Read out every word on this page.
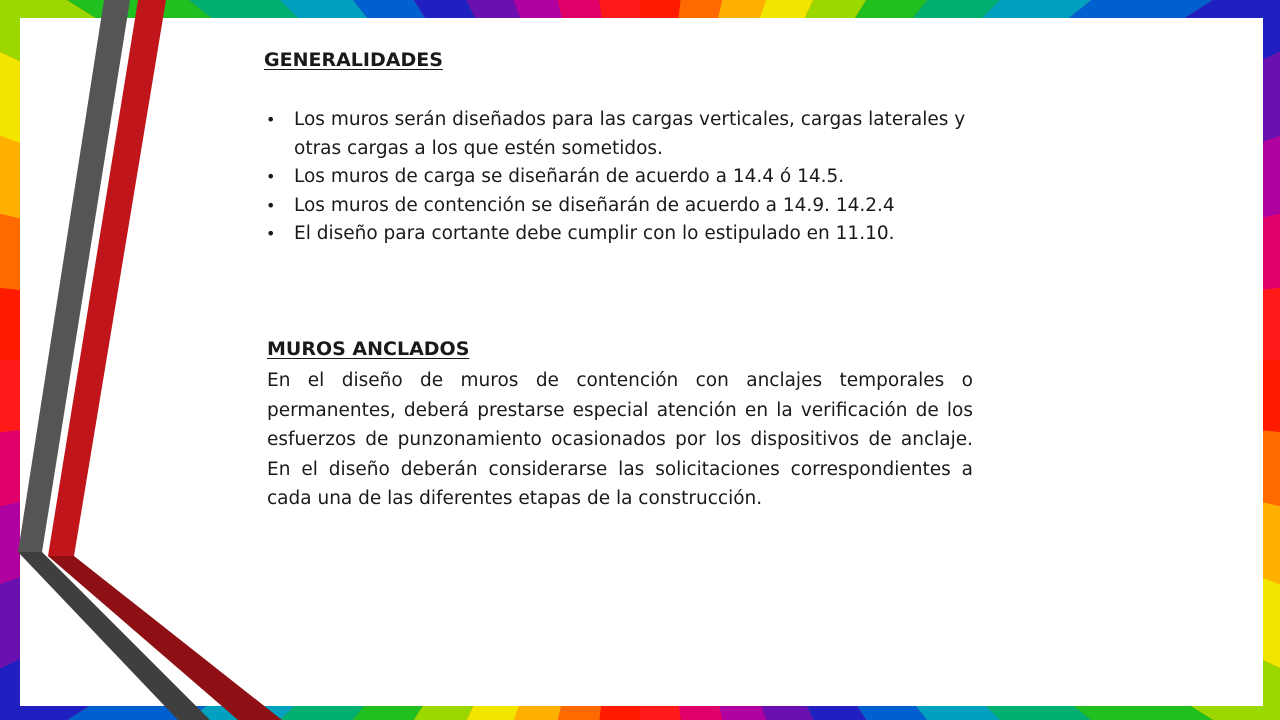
GENERALIDADES
• Los muros serán diseñados para las cargas verticales, cargas laterales y otras cargas a los que estén sometidos.
• Los muros de carga se diseñarán de acuerdo a 14.4 ó 14.5.
• Los muros de contención se diseñarán de acuerdo a 14.9. 14.2.4
• El diseño para cortante debe cumplir con lo estipulado en 11.10.
MUROS ANCLADOS

En el diseño de muros de contención con anclajes temporales o permanentes, deberá prestarse especial atención en la verificación de los esfuerzos de punzonamiento ocasionados por los dispositivos de anclaje. En el diseño deberán considerarse las solicitaciones correspondientes a cada una de las diferentes etapas de la construcción.
